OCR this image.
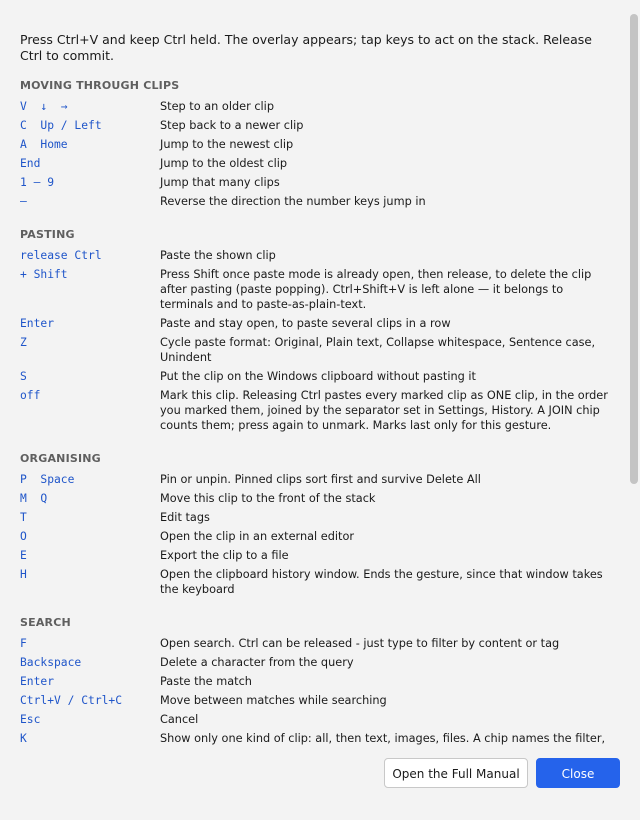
Press Ctrl+V and keep Ctrl held. The overlay appears; tap keys to act on the stack. Release Ctrl to commit.

MOVING THROUGH CLIPS
V  ↓  →	Step to an older clip
C  Up / Left	Step back to a newer clip
A  Home	Jump to the newest clip
End	Jump to the oldest clip
1 – 9	Jump that many clips
–	Reverse the direction the number keys jump in
PASTING
release Ctrl	Paste the shown clip
+ Shift	Press Shift once paste mode is already open, then release, to delete the clip after pasting (paste popping). Ctrl+Shift+V is left alone — it belongs to terminals and to paste-as-plain-text.
Enter	Paste and stay open, to paste several clips in a row
Z	Cycle paste format: Original, Plain text, Collapse whitespace, Sentence case, Unindent
S	Put the clip on the Windows clipboard without pasting it
off	Mark this clip. Releasing Ctrl pastes every marked clip as ONE clip, in the order you marked them, joined by the separator set in Settings, History. A JOIN chip counts them; press again to unmark. Marks last only for this gesture.
ORGANISING
P  Space	Pin or unpin. Pinned clips sort first and survive Delete All
M  Q	Move this clip to the front of the stack
T	Edit tags
O	Open the clip in an external editor
E	Export the clip to a file
H	Open the clipboard history window. Ends the gesture, since that window takes the keyboard
SEARCH
F	Open search. Ctrl can be released - just type to filter by content or tag
Backspace	Delete a character from the query
Enter	Paste the match
Ctrl+V / Ctrl+C	Move between matches while searching
Esc	Cancel
K	Show only one kind of clip: all, then text, images, files. A chip names the filter,
Open the Full Manual	Close
